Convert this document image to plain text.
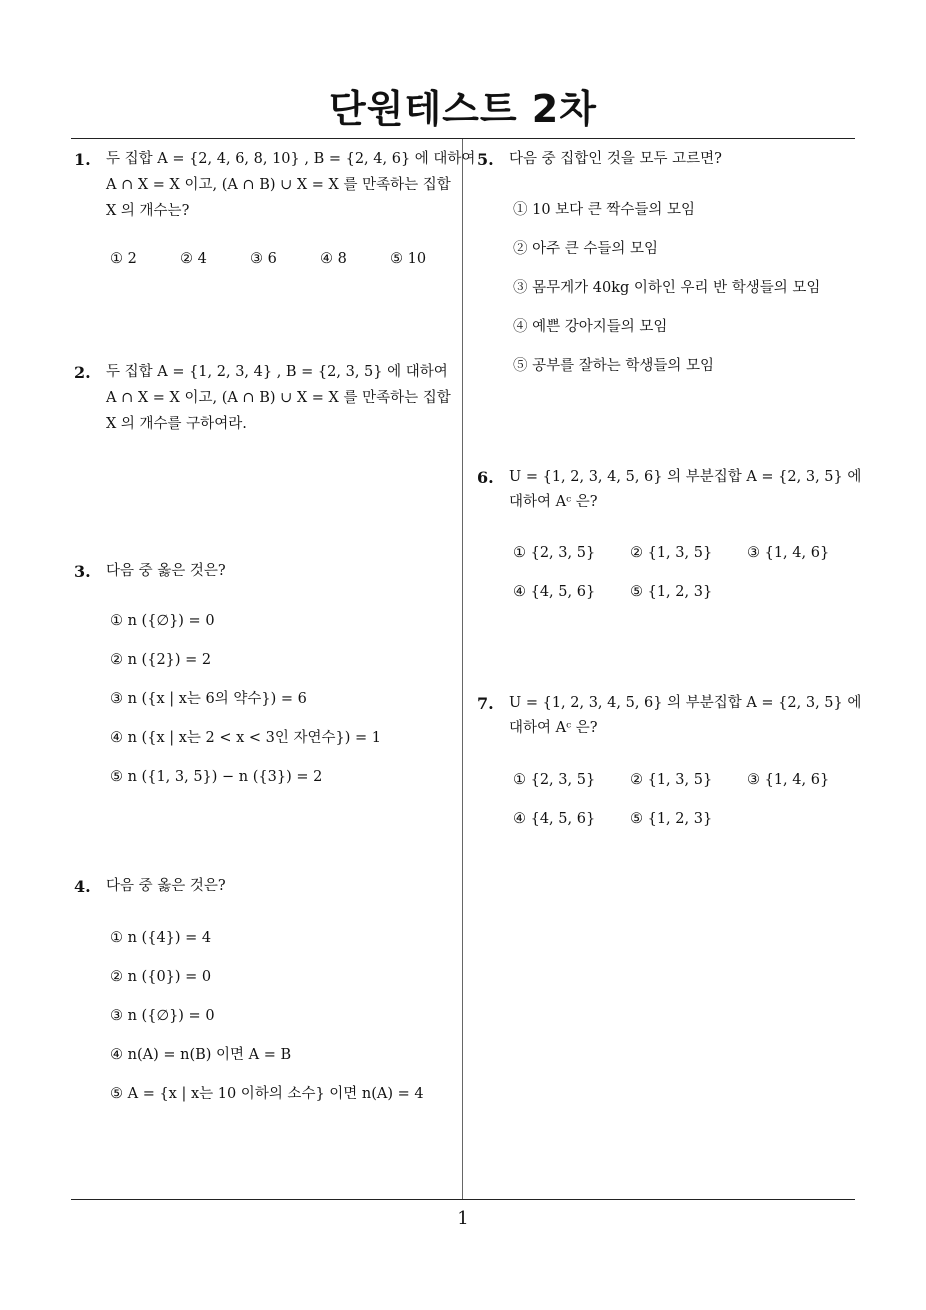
단원테스트 2차
1. 두 집합 A = {2, 4, 6, 8, 10} , B = {2, 4, 6} 에 대하여
A ∩ X = X 이고, (A ∩ B) ∪ X = X 를 만족하는 집합
X 의 개수는?
① 2	② 4	③ 6	④ 8	⑤ 10
2. 두 집합 A = {1, 2, 3, 4} , B = {2, 3, 5} 에 대하여
A ∩ X = X 이고, (A ∩ B) ∪ X = X 를 만족하는 집합
X 의 개수를 구하여라.
3. 다음 중 옳은 것은?
① n ({∅}) = 0
② n ({2}) = 2
③ n ({x | x는 6의 약수}) = 6
④ n ({x | x는 2 < x < 3인 자연수}) = 1
⑤ n ({1, 3, 5}) − n ({3}) = 2
4. 다음 중 옳은 것은?
① n ({4}) = 4
② n ({0}) = 0
③ n ({∅}) = 0
④ n(A) = n(B) 이면 A = B
⑤ A = {x | x는 10 이하의 소수} 이면 n(A) = 4
5. 다음 중 집합인 것을 모두 고르면?
① 10 보다 큰 짝수들의 모임
② 아주 큰 수들의 모임
③ 몸무게가 40kg 이하인 우리 반 학생들의 모임
④ 예쁜 강아지들의 모임
⑤ 공부를 잘하는 학생들의 모임
6. U = {1, 2, 3, 4, 5, 6} 의 부분집합 A = {2, 3, 5} 에
대하여 Aᶜ 은?
① {2, 3, 5} ② {1, 3, 5} ③ {1, 4, 6}
④ {4, 5, 6} ⑤ {1, 2, 3}
7. U = {1, 2, 3, 4, 5, 6} 의 부분집합 A = {2, 3, 5} 에
대하여 Aᶜ 은?
① {2, 3, 5} ② {1, 3, 5} ③ {1, 4, 6}
④ {4, 5, 6} ⑤ {1, 2, 3}
1
